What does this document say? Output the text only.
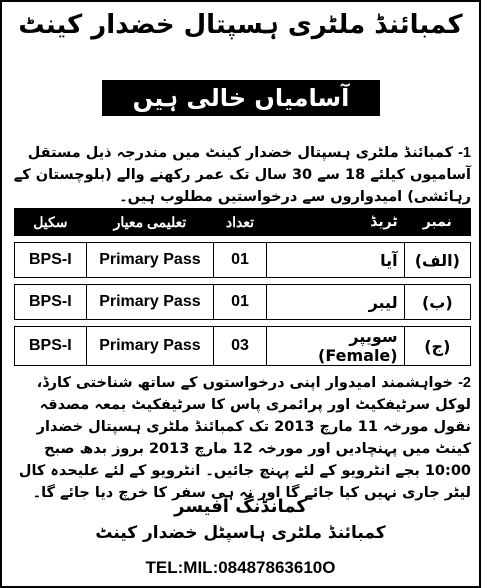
کمبائنڈ ملٹری ہسپتال خضدار کینٹ
آسامیاں خالی ہیں
1- کمبائنڈ ملٹری ہسپتال خضدار کینٹ میں مندرجہ ذیل مستقل آسامیوں کیلئے 18 سے 30 سال تک عمر رکھنے والے (بلوچستان کے رہائشی) امیدواروں سے درخواستیں مطلوب ہیں۔
نمبر	ٹریڈ	تعداد	تعلیمی معیار	سکیل

(الف)	آیا	01	Primary Pass	BPS-I

(ب)	لیبر	01	Primary Pass	BPS-I

(ج)	سویپر (Female)	03	Primary Pass	BPS-I
2- خواہشمند امیدوار اپنی درخواستوں کے ساتھ شناختی کارڈ، لوکل سرٹیفکیٹ اور پرائمری پاس کا سرٹیفکیٹ بمعہ مصدقہ نقول مورخہ 11 مارچ 2013 تک کمبائنڈ ملٹری ہسپتال خضدار کینٹ میں پہنچادیں اور مورخہ 12 مارچ 2013 بروز بدھ صبح 10:00 بجے انٹرویو کے لئے پہنچ جائیں۔ انٹرویو کے لئے علیحدہ کال لیٹر جاری نہیں کیا جائے گا اور نہ ہی سفر کا خرچ دیا جائے گا۔
کمانڈنگ آفیسر
کمبائنڈ ملٹری ہاسپٹل خضدار کینٹ
TEL:MIL:08487863610O
